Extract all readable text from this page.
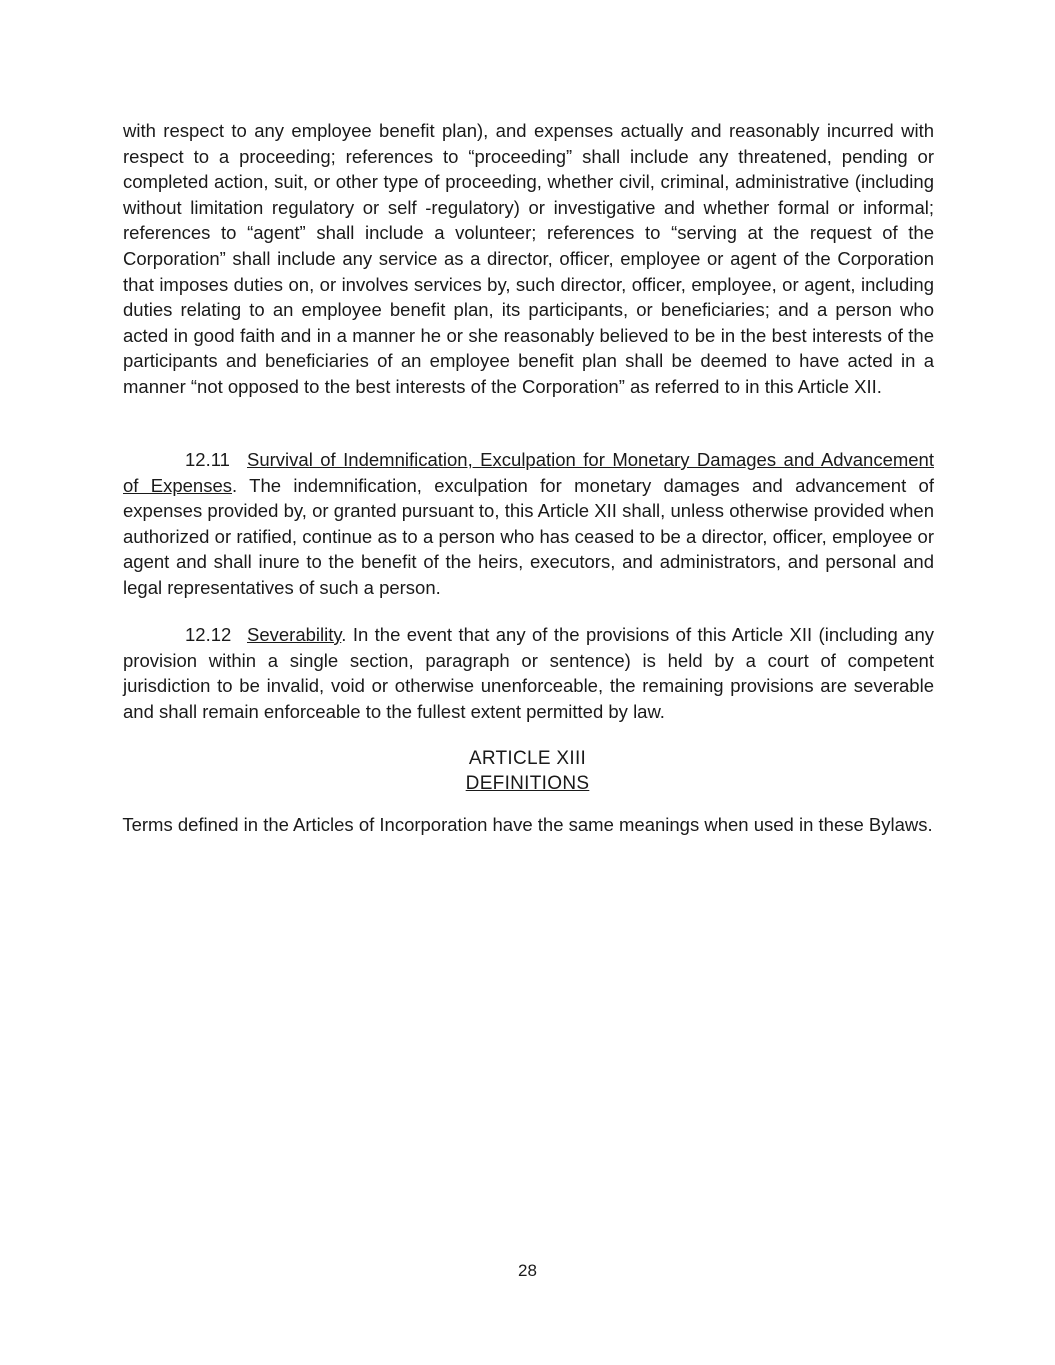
with respect to any employee benefit plan), and expenses actually and reasonably incurred with respect to a proceeding; references to “proceeding” shall include any threatened, pending or completed action, suit, or other type of proceeding, whether civil, criminal, administrative (including without limitation regulatory or self -regulatory) or investigative and whether formal or informal; references to “agent” shall include a volunteer; references to “serving at the request of the Corporation” shall include any service as a director, officer, employee or agent of the Corporation that imposes duties on, or involves services by, such director, officer, employee, or agent, including duties relating to an employee benefit plan, its participants, or beneficiaries; and a person who acted in good faith and in a manner he or she reasonably believed to be in the best interests of the participants and beneficiaries of an employee benefit plan shall be deemed to have acted in a manner “not opposed to the best interests of the Corporation” as referred to in this Article XII.

12.11 Survival of Indemnification, Exculpation for Monetary Damages and Advancement of Expenses. The indemnification, exculpation for monetary damages and advancement of expenses provided by, or granted pursuant to, this Article XII shall, unless otherwise provided when authorized or ratified, continue as to a person who has ceased to be a director, officer, employee or agent and shall inure to the benefit of the heirs, executors, and administrators, and personal and legal representatives of such a person.

12.12 Severability. In the event that any of the provisions of this Article XII (including any provision within a single section, paragraph or sentence) is held by a court of competent jurisdiction to be invalid, void or otherwise unenforceable, the remaining provisions are severable and shall remain enforceable to the fullest extent permitted by law.

ARTICLE XIII
DEFINITIONS
Terms defined in the Articles of Incorporation have the same meanings when used in these Bylaws.
28
